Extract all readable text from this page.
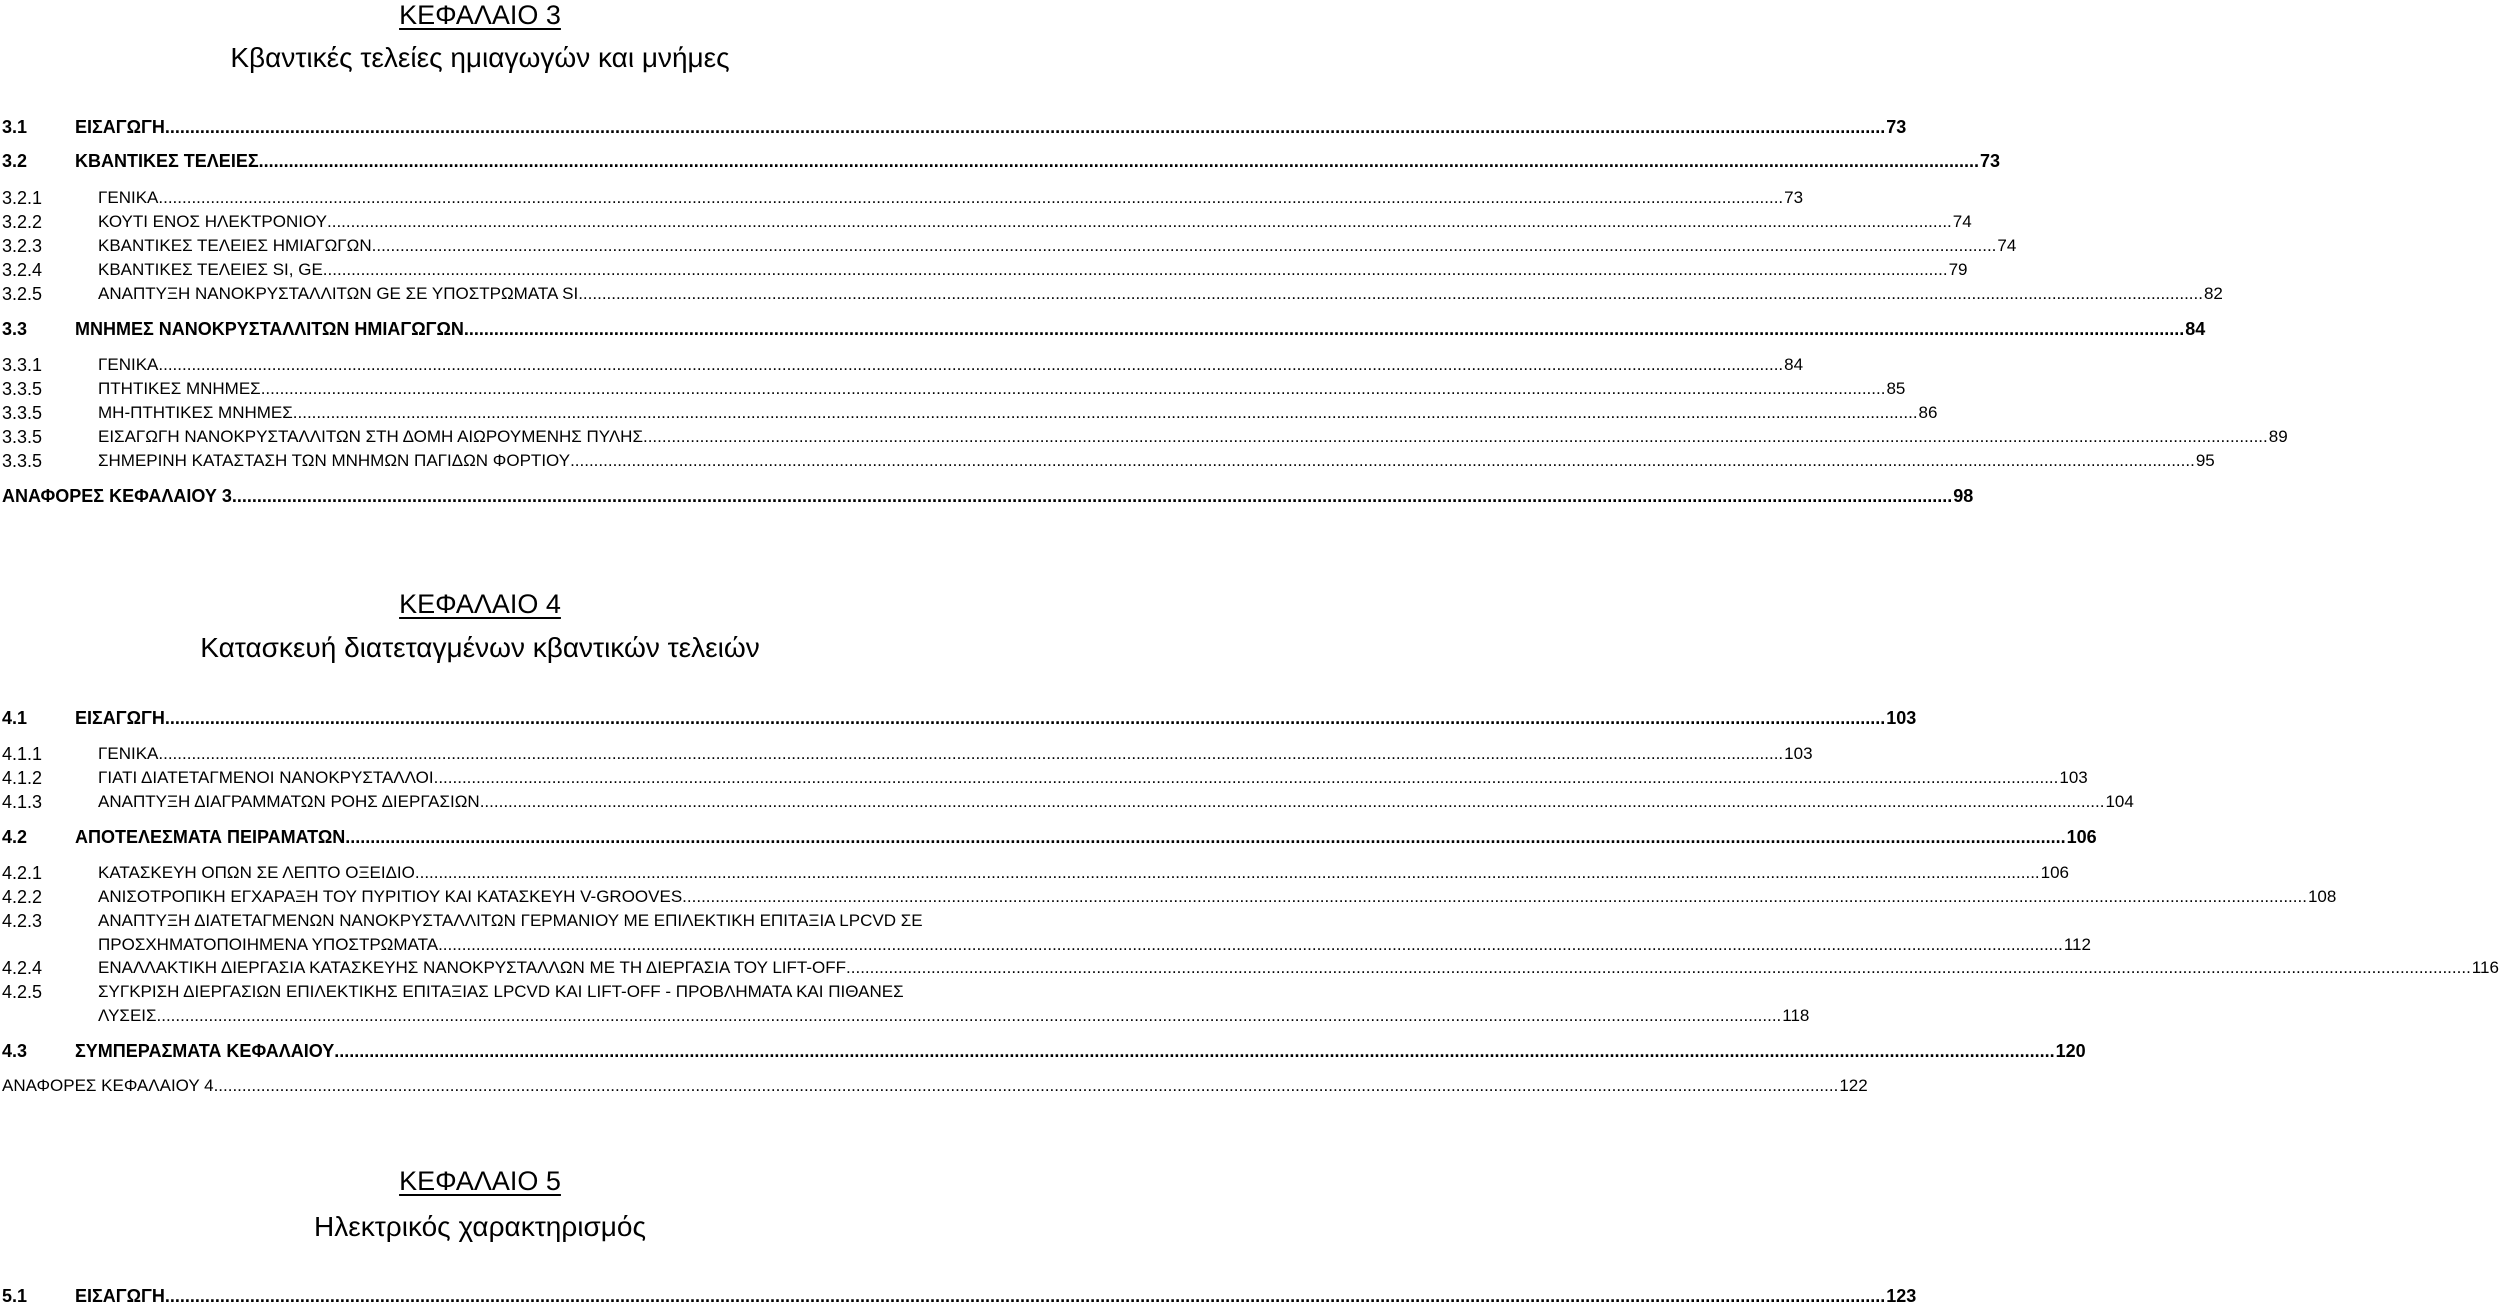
ΚΕΦΑΛΑΙΟ 3
Κβαντικές τελείες ημιαγωγών και μνήμες
3.1	ΕΙΣΑΓΩΓΗ .....	73
3.2	ΚΒΑΝΤΙΚΕΣ ΤΕΛΕΙΕΣ .....	73
3.2.1	ΓΕΝΙΚΑ .....	73
3.2.2	ΚΟΥΤΙ ΕΝΟΣ ΗΛΕΚΤΡΟΝΙΟΥ .....	74
3.2.3	ΚΒΑΝΤΙΚΕΣ ΤΕΛΕΙΕΣ ΗΜΙΑΓΩΓΩΝ .....	74
3.2.4	ΚΒΑΝΤΙΚΕΣ ΤΕΛΕΙΕΣ SI, GE .....	79
3.2.5	ΑΝΑΠΤΥΞΗ ΝΑΝΟΚΡΥΣΤΑΛΛΙΤΩΝ GE ΣΕ ΥΠΟΣΤΡΩΜΑΤΑ SI .....	82
3.3	ΜΝΗΜΕΣ ΝΑΝΟΚΡΥΣΤΑΛΛΙΤΩΝ ΗΜΙΑΓΩΓΩΝ .....	84
3.3.1	ΓΕΝΙΚΑ .....	84
3.3.5	ΠΤΗΤΙΚΕΣ ΜΝΗΜΕΣ .....	85
3.3.5	ΜΗ-ΠΤΗΤΙΚΕΣ ΜΝΗΜΕΣ .....	86
3.3.5	ΕΙΣΑΓΩΓΗ ΝΑΝΟΚΡΥΣΤΑΛΛΙΤΩΝ ΣΤΗ ΔΟΜΗ ΑΙΩΡΟΥΜΕΝΗΣ ΠΥΛΗΣ .....	89
3.3.5	ΣΗΜΕΡΙΝΗ ΚΑΤΑΣΤΑΣΗ ΤΩΝ ΜΝΗΜΩΝ ΠΑΓΙΔΩΝ ΦΟΡΤΙΟΥ .....	95
ΑΝΑΦΟΡΕΣ ΚΕΦΑΛΑΙΟΥ 3 .....	98
ΚΕΦΑΛΑΙΟ 4
Κατασκευή διατεταγμένων κβαντικών τελειών
4.1	ΕΙΣΑΓΩΓΗ .....	103
4.1.1	ΓΕΝΙΚΑ .....	103
4.1.2	ΓΙΑΤΙ ΔΙΑΤΕΤΑΓΜΕΝΟΙ ΝΑΝΟΚΡΥΣΤΑΛΛΟΙ .....	103
4.1.3	ΑΝΑΠΤΥΞΗ ΔΙΑΓΡΑΜΜΑΤΩΝ ΡΟΗΣ ΔΙΕΡΓΑΣΙΩΝ .....	104
4.2	ΑΠΟΤΕΛΕΣΜΑΤΑ ΠΕΙΡΑΜΑΤΩΝ .....	106
4.2.1	ΚΑΤΑΣΚΕΥΗ ΟΠΩΝ ΣΕ ΛΕΠΤΟ ΟΞΕΙΔΙΟ .....	106
4.2.2	ΑΝΙΣΟΤΡΟΠΙΚΗ ΕΓΧΑΡΑΞΗ ΤΟΥ ΠΥΡΙΤΙΟΥ ΚΑΙ ΚΑΤΑΣΚΕΥΗ V-GROOVES .....	108
4.2.3	ΑΝΑΠΤΥΞΗ ΔΙΑΤΕΤΑΓΜΕΝΩΝ ΝΑΝΟΚΡΥΣΤΑΛΛΙΤΩΝ ΓΕΡΜΑΝΙΟΥ ΜΕ ΕΠΙΛΕΚΤΙΚΗ ΕΠΙΤΑΞΙΑ LPCVD ΣΕ
ΠΡΟΣΧΗΜΑΤΟΠΟΙΗΜΕΝΑ ΥΠΟΣΤΡΩΜΑΤΑ .....	112
4.2.4	ΕΝΑΛΛΑΚΤΙΚΗ ΔΙΕΡΓΑΣΙΑ ΚΑΤΑΣΚΕΥΗΣ ΝΑΝΟΚΡΥΣΤΑΛΛΩΝ ΜΕ ΤΗ ΔΙΕΡΓΑΣΙΑ ΤΟΥ LIFT-OFF .....	116
4.2.5	ΣΥΓΚΡΙΣΗ ΔΙΕΡΓΑΣΙΩΝ ΕΠΙΛΕΚΤΙΚΗΣ ΕΠΙΤΑΞΙΑΣ LPCVD ΚΑΙ LIFT-OFF - ΠΡΟΒΛΗΜΑΤΑ ΚΑΙ ΠΙΘΑΝΕΣ
ΛΥΣΕΙΣ .....	118
4.3	ΣΥΜΠΕΡΑΣΜΑΤΑ ΚΕΦΑΛΑΙΟΥ .....	120
ΑΝΑΦΟΡΕΣ ΚΕΦΑΛΑΙΟΥ 4 .....	122
ΚΕΦΑΛΑΙΟ 5
Ηλεκτρικός χαρακτηρισμός
5.1	ΕΙΣΑΓΩΓΗ .....	123
